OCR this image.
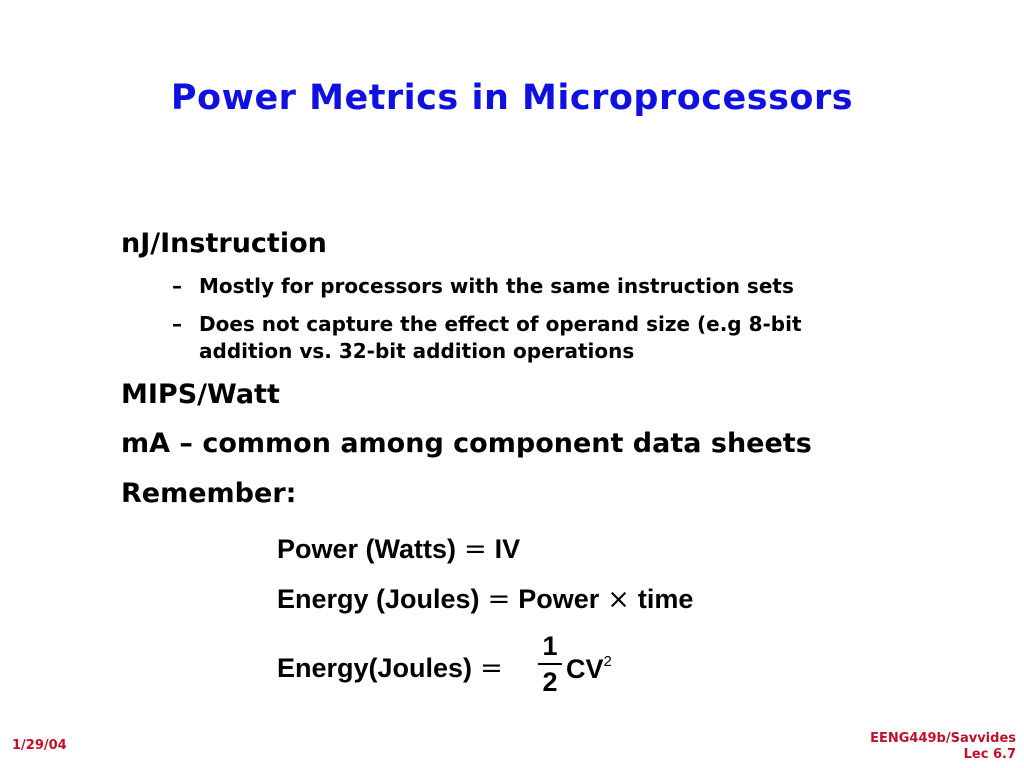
Power Metrics in Microprocessors
nJ/Instruction
– Mostly for processors with the same instruction sets
– Does not capture the effect of operand size (e.g 8-bit addition vs. 32-bit addition operations
MIPS/Watt
mA – common among component data sheets
Remember:
Power (Watts) = IV
Energy (Joules) = Power × time
Energy(Joules) =
1
2 $CV^2$
1/29/04	EENG449b/Savvides
Lec 6.7
